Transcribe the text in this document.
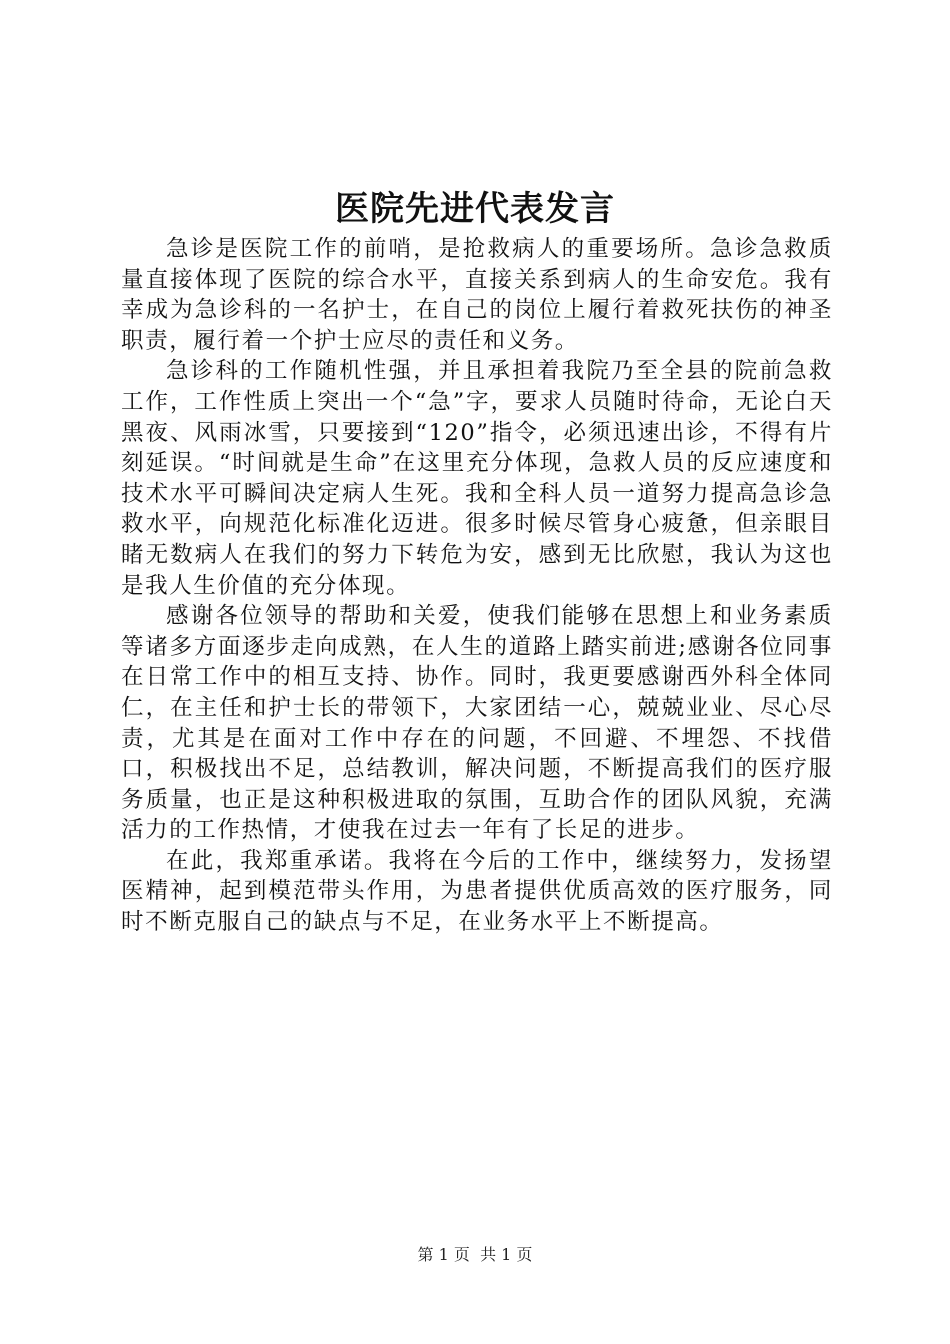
医院先进代表发言

急诊是医院工作的前哨，是抢救病人的重要场所。急诊急救质量直接体现了医院的综合水平，直接关系到病人的生命安危。我有幸成为急诊科的一名护士，在自己的岗位上履行着救死扶伤的神圣职责，履行着一个护士应尽的责任和义务。

急诊科的工作随机性强，并且承担着我院乃至全县的院前急救工作，工作性质上突出一个“急”字，要求人员随时待命，无论白天黑夜、风雨冰雪，只要接到“120”指令，必须迅速出诊，不得有片刻延误。“时间就是生命”在这里充分体现，急救人员的反应速度和技术水平可瞬间决定病人生死。我和全科人员一道努力提高急诊急救水平，向规范化标准化迈进。很多时候尽管身心疲惫，但亲眼目睹无数病人在我们的努力下转危为安，感到无比欣慰，我认为这也是我人生价值的充分体现。

感谢各位领导的帮助和关爱，使我们能够在思想上和业务素质等诸多方面逐步走向成熟，在人生的道路上踏实前进;感谢各位同事在日常工作中的相互支持、协作。同时，我更要感谢西外科全体同仁，在主任和护士长的带领下，大家团结一心，兢兢业业、尽心尽责，尤其是在面对工作中存在的问题，不回避、不埋怨、不找借口，积极找出不足，总结教训，解决问题，不断提高我们的医疗服务质量，也正是这种积极进取的氛围，互助合作的团队风貌，充满活力的工作热情，才使我在过去一年有了长足的进步。

在此，我郑重承诺。我将在今后的工作中，继续努力，发扬望医精神，起到模范带头作用，为患者提供优质高效的医疗服务，同时不断克服自己的缺点与不足，在业务水平上不断提高。

第 1 页 共 1 页
